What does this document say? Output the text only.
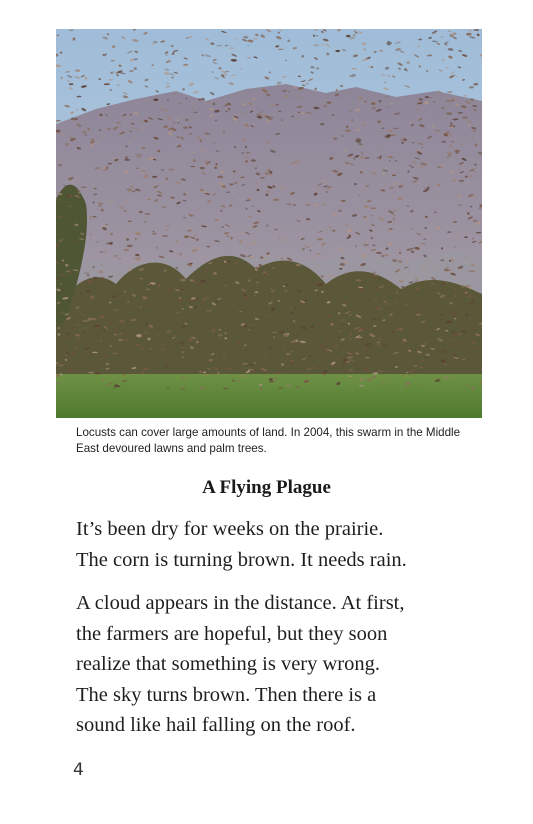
Locusts can cover large amounts of land. In 2004, this swarm in the Middle
East devoured lawns and palm trees.
A Flying Plague

It’s been dry for weeks on the prairie.
The corn is turning brown. It needs rain.

A cloud appears in the distance. At first,
the farmers are hopeful, but they soon
realize that something is very wrong.
The sky turns brown. Then there is a
sound like hail falling on the roof.

4
